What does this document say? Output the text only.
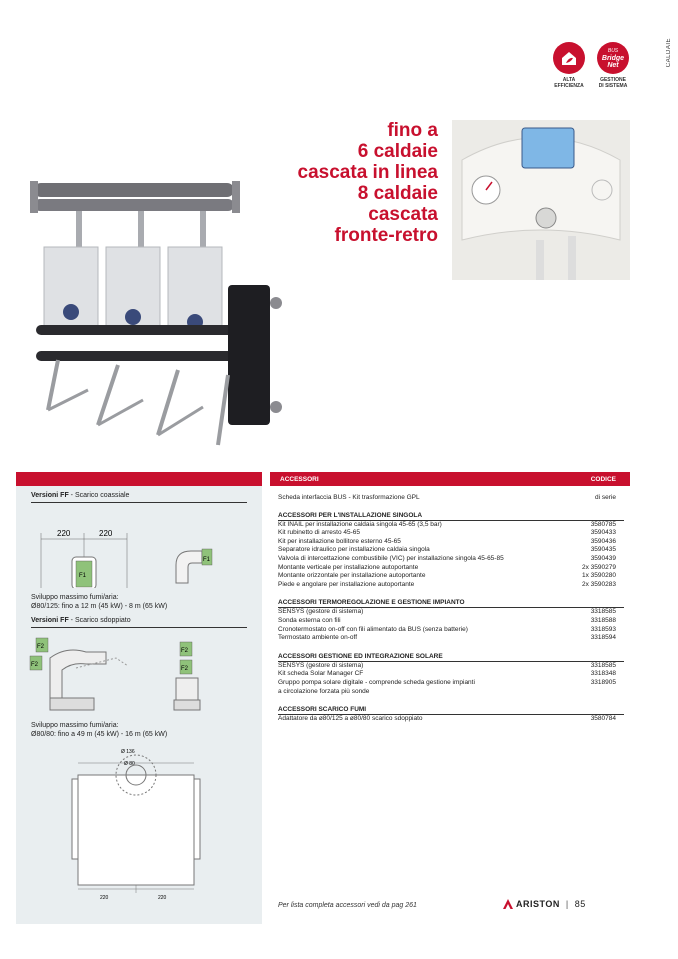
CALDAIE
ALTA
EFFICIENZA
BUS
Bridge Net
GESTIONE
DI SISTEMA
fino a
6 caldaie
cascata in linea
8 caldaie
cascata
fronte-retro
Versioni FF - Scarico coassiale
220	220
F1
F1
Sviluppo massimo fumi/aria:
Ø80/125: fino a 12 m (45 kW) - 8 m (65 kW)
Versioni FF - Scarico sdoppiato
F2
F2
F2
F2
Sviluppo massimo fumi/aria:
Ø80/80: fino a 49 m (45 kW) - 16 m (65 kW)
Ø 136
Ø 80
220	220
ACCESSORI	CODICE
Scheda interfaccia BUS - Kit trasformazione GPL	di serie
ACCESSORI PER L'INSTALLAZIONE SINGOLA
Kit INAIL per installazione caldaia singola 45-65 (3,5 bar)	3580785
Kit rubinetto di arresto 45-65	3590433
Kit per installazione bollitore esterno 45-65	3590436
Separatore idraulico per installazione caldaia singola	3590435
Valvola di intercettazione combustibile (VIC) per installazione singola 45-65-85	3590439
Montante verticale per installazione autoportante	2x 3590279
Montante orizzontale per installazione autoportante	1x 3590280
Piede e angolare per installazione autoportante	2x 3590283
ACCESSORI TERMOREGOLAZIONE E GESTIONE IMPIANTO
SENSYS (gestore di sistema)	3318585
Sonda esterna con fili	3318588
Cronotermostato on-off con fili alimentato da BUS (senza batterie)	3318593
Termostato ambiente on-off	3318594
ACCESSORI GESTIONE ED INTEGRAZIONE SOLARE
SENSYS (gestore di sistema)	3318585
Kit scheda Solar Manager CF	3318348
Gruppo pompa solare digitale - comprende scheda gestione impianti	3318905
a circolazione forzata più sonde
ACCESSORI SCARICO FUMI
Adattatore da ø80/125 a ø80/80 scarico sdoppiato	3580784
Per lista completa accessori vedi da pag 261	ARISTON | 85
